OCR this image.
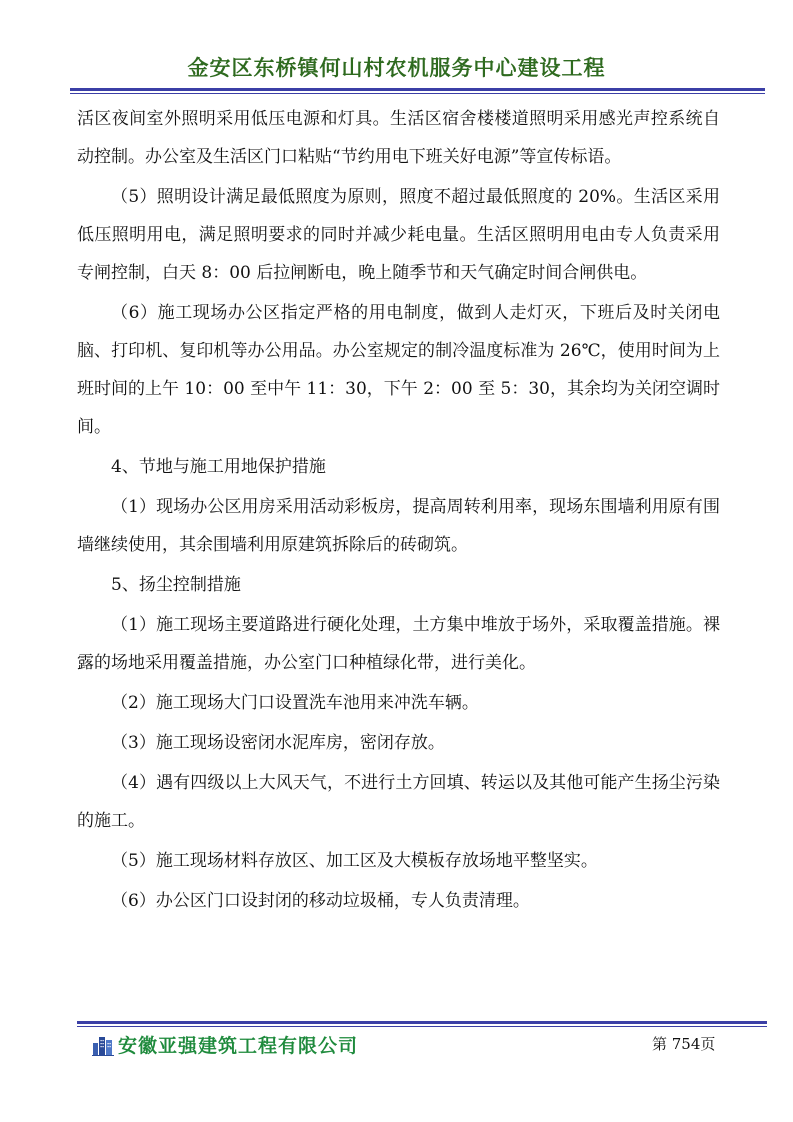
金安区东桥镇何山村农机服务中心建设工程

活区夜间室外照明采用低压电源和灯具。生活区宿舍楼楼道照明采用感光声控系统自动控制。办公室及生活区门口粘贴“节约用电下班关好电源”等宣传标语。

（5）照明设计满足最低照度为原则，照度不超过最低照度的 20%。生活区采用低压照明用电，满足照明要求的同时并减少耗电量。生活区照明用电由专人负责采用专闸控制，白天 8：00 后拉闸断电，晚上随季节和天气确定时间合闸供电。

（6）施工现场办公区指定严格的用电制度，做到人走灯灭，下班后及时关闭电脑、打印机、复印机等办公用品。办公室规定的制冷温度标准为 26℃，使用时间为上班时间的上午 10：00 至中午 11：30，下午 2：00 至 5：30，其余均为关闭空调时间。

4、节地与施工用地保护措施

（1）现场办公区用房采用活动彩板房，提高周转利用率，现场东围墙利用原有围墙继续使用，其余围墙利用原建筑拆除后的砖砌筑。

5、扬尘控制措施

（1）施工现场主要道路进行硬化处理，土方集中堆放于场外，采取覆盖措施。裸露的场地采用覆盖措施，办公室门口种植绿化带，进行美化。

（2）施工现场大门口设置洗车池用来冲洗车辆。

（3）施工现场设密闭水泥库房，密闭存放。

（4）遇有四级以上大风天气，不进行土方回填、转运以及其他可能产生扬尘污染的施工。

（5）施工现场材料存放区、加工区及大模板存放场地平整坚实。

（6）办公区门口设封闭的移动垃圾桶，专人负责清理。

安徽亚强建筑工程有限公司	第 754页
